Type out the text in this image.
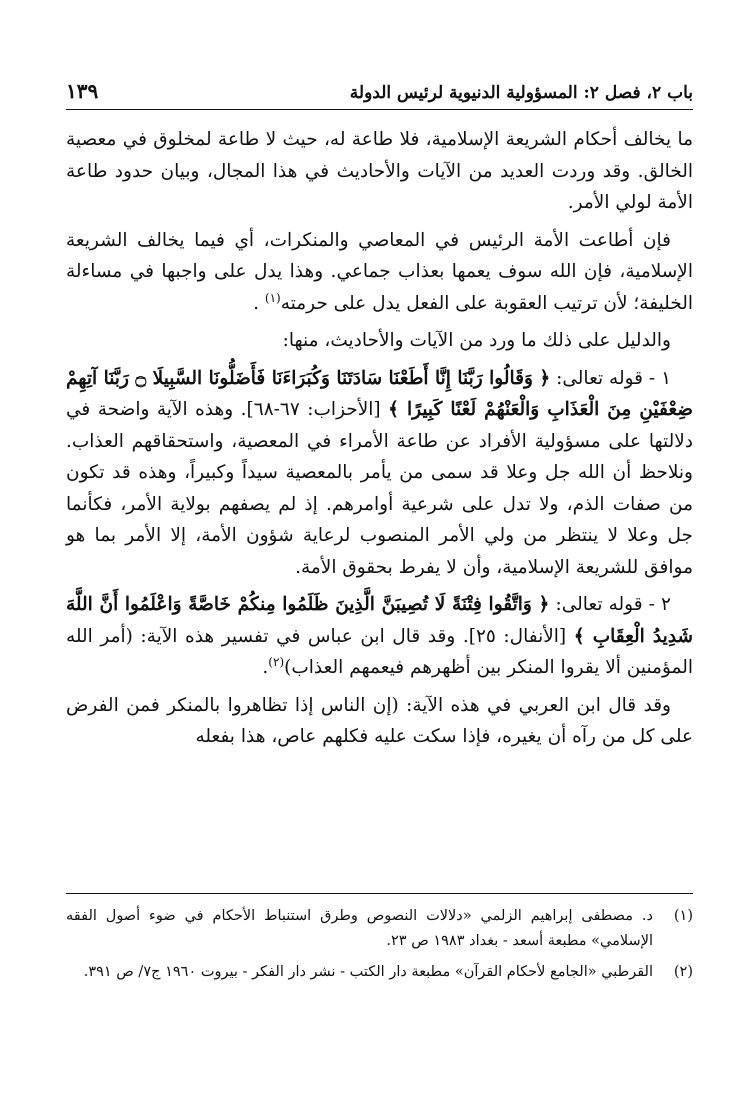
باب ٢، فصل ٢: المسؤولية الدنيوية لرئيس الدولة
١٣٩

ما يخالف أحكام الشريعة الإسلامية، فلا طاعة له، حيث لا طاعة لمخلوق في معصية الخالق. وقد وردت العديد من الآيات والأحاديث في هذا المجال، وبيان حدود طاعة الأمة لولي الأمر.

فإن أطاعت الأمة الرئيس في المعاصي والمنكرات، أي فيما يخالف الشريعة الإسلامية، فإن الله سوف يعمها بعذاب جماعي. وهذا يدل على واجبها في مساءلة الخليفة؛ لأن ترتيب العقوبة على الفعل يدل على حرمته$^{(١)}$ .

والدليل على ذلك ما ورد من الآيات والأحاديث، منها:

١ - قوله تعالى: ﴿ وَقَالُوا رَبَّنَا إِنَّا أَطَعْنَا سَادَتَنَا وَكُبَرَاءَنَا فَأَضَلُّونَا السَّبِيلَا ۝ رَبَّنَا آتِهِمْ ضِعْفَيْنِ مِنَ الْعَذَابِ وَالْعَنْهُمْ لَعْنًا كَبِيرًا ﴾ [الأحزاب: ٦٧-٦٨]. وهذه الآية واضحة في دلالتها على مسؤولية الأفراد عن طاعة الأمراء في المعصية، واستحقاقهم العذاب. ونلاحظ أن الله جل وعلا قد سمى من يأمر بالمعصية سيداً وكبيراً، وهذه قد تكون من صفات الذم، ولا تدل على شرعية أوامرهم. إذ لم يصفهم بولاية الأمر، فكأنما جل وعلا لا ينتظر من ولي الأمر المنصوب لرعاية شؤون الأمة، إلا الأمر بما هو موافق للشريعة الإسلامية، وأن لا يفرط بحقوق الأمة.

٢ - قوله تعالى: ﴿ وَاتَّقُوا فِتْنَةً لَا تُصِيبَنَّ الَّذِينَ ظَلَمُوا مِنكُمْ خَاصَّةً وَاعْلَمُوا أَنَّ اللَّهَ شَدِيدُ الْعِقَابِ ﴾ [الأنفال: ٢٥]. وقد قال ابن عباس في تفسير هذه الآية: (أمر الله المؤمنين ألا يقروا المنكر بين أظهرهم فيعمهم العذاب)$^{(٢)}$.

وقد قال ابن العربي في هذه الآية: (إن الناس إذا تظاهروا بالمنكر فمن الفرض على كل من رآه أن يغيره، فإذا سكت عليه فكلهم عاص، هذا بفعله

(١)
د. مصطفى إبراهيم الزلمي «دلالات النصوص وطرق استنباط الأحكام في ضوء أصول الفقه الإسلامي» مطبعة أسعد - بغداد ١٩٨٣ ص ٢٣.
(٢)
القرطبي «الجامع لأحكام القرآن» مطبعة دار الكتب - نشر دار الفكر - بيروت ١٩٦٠ ج٧/ ص ٣٩١.
